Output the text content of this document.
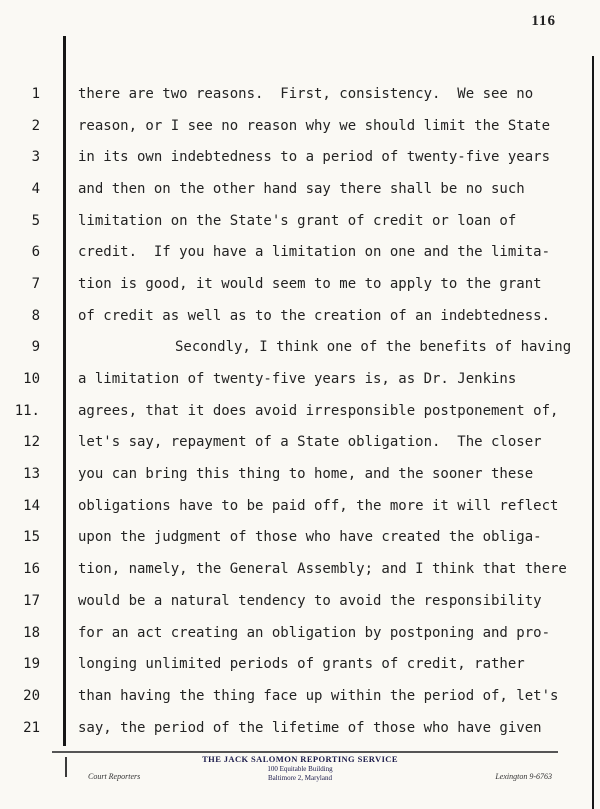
116
1	there are two reasons.  First, consistency.  We see no
2	reason, or I see no reason why we should limit the State
3	in its own indebtedness to a period of twenty-five years
4	and then on the other hand say there shall be no such
5	limitation on the State's grant of credit or loan of
6	credit.  If you have a limitation on one and the limita-
7	tion is good, it would seem to me to apply to the grant
8	of credit as well as to the creation of an indebtedness.
9	Secondly, I think one of the benefits of having
10	a limitation of twenty-five years is, as Dr. Jenkins
11.	agrees, that it does avoid irresponsible postponement of,
12	let's say, repayment of a State obligation.  The closer
13	you can bring this thing to home, and the sooner these
14	obligations have to be paid off, the more it will reflect
15	upon the judgment of those who have created the obliga-
16	tion, namely, the General Assembly; and I think that there
17	would be a natural tendency to avoid the responsibility
18	for an act creating an obligation by postponing and pro-
19	longing unlimited periods of grants of credit, rather
20	than having the thing face up within the period of, let's
21	say, the period of the lifetime of those who have given
Court Reporters
THE JACK SALOMON REPORTING SERVICE
100 Equitable Building
Baltimore 2, Maryland	Lexington 9-6763
